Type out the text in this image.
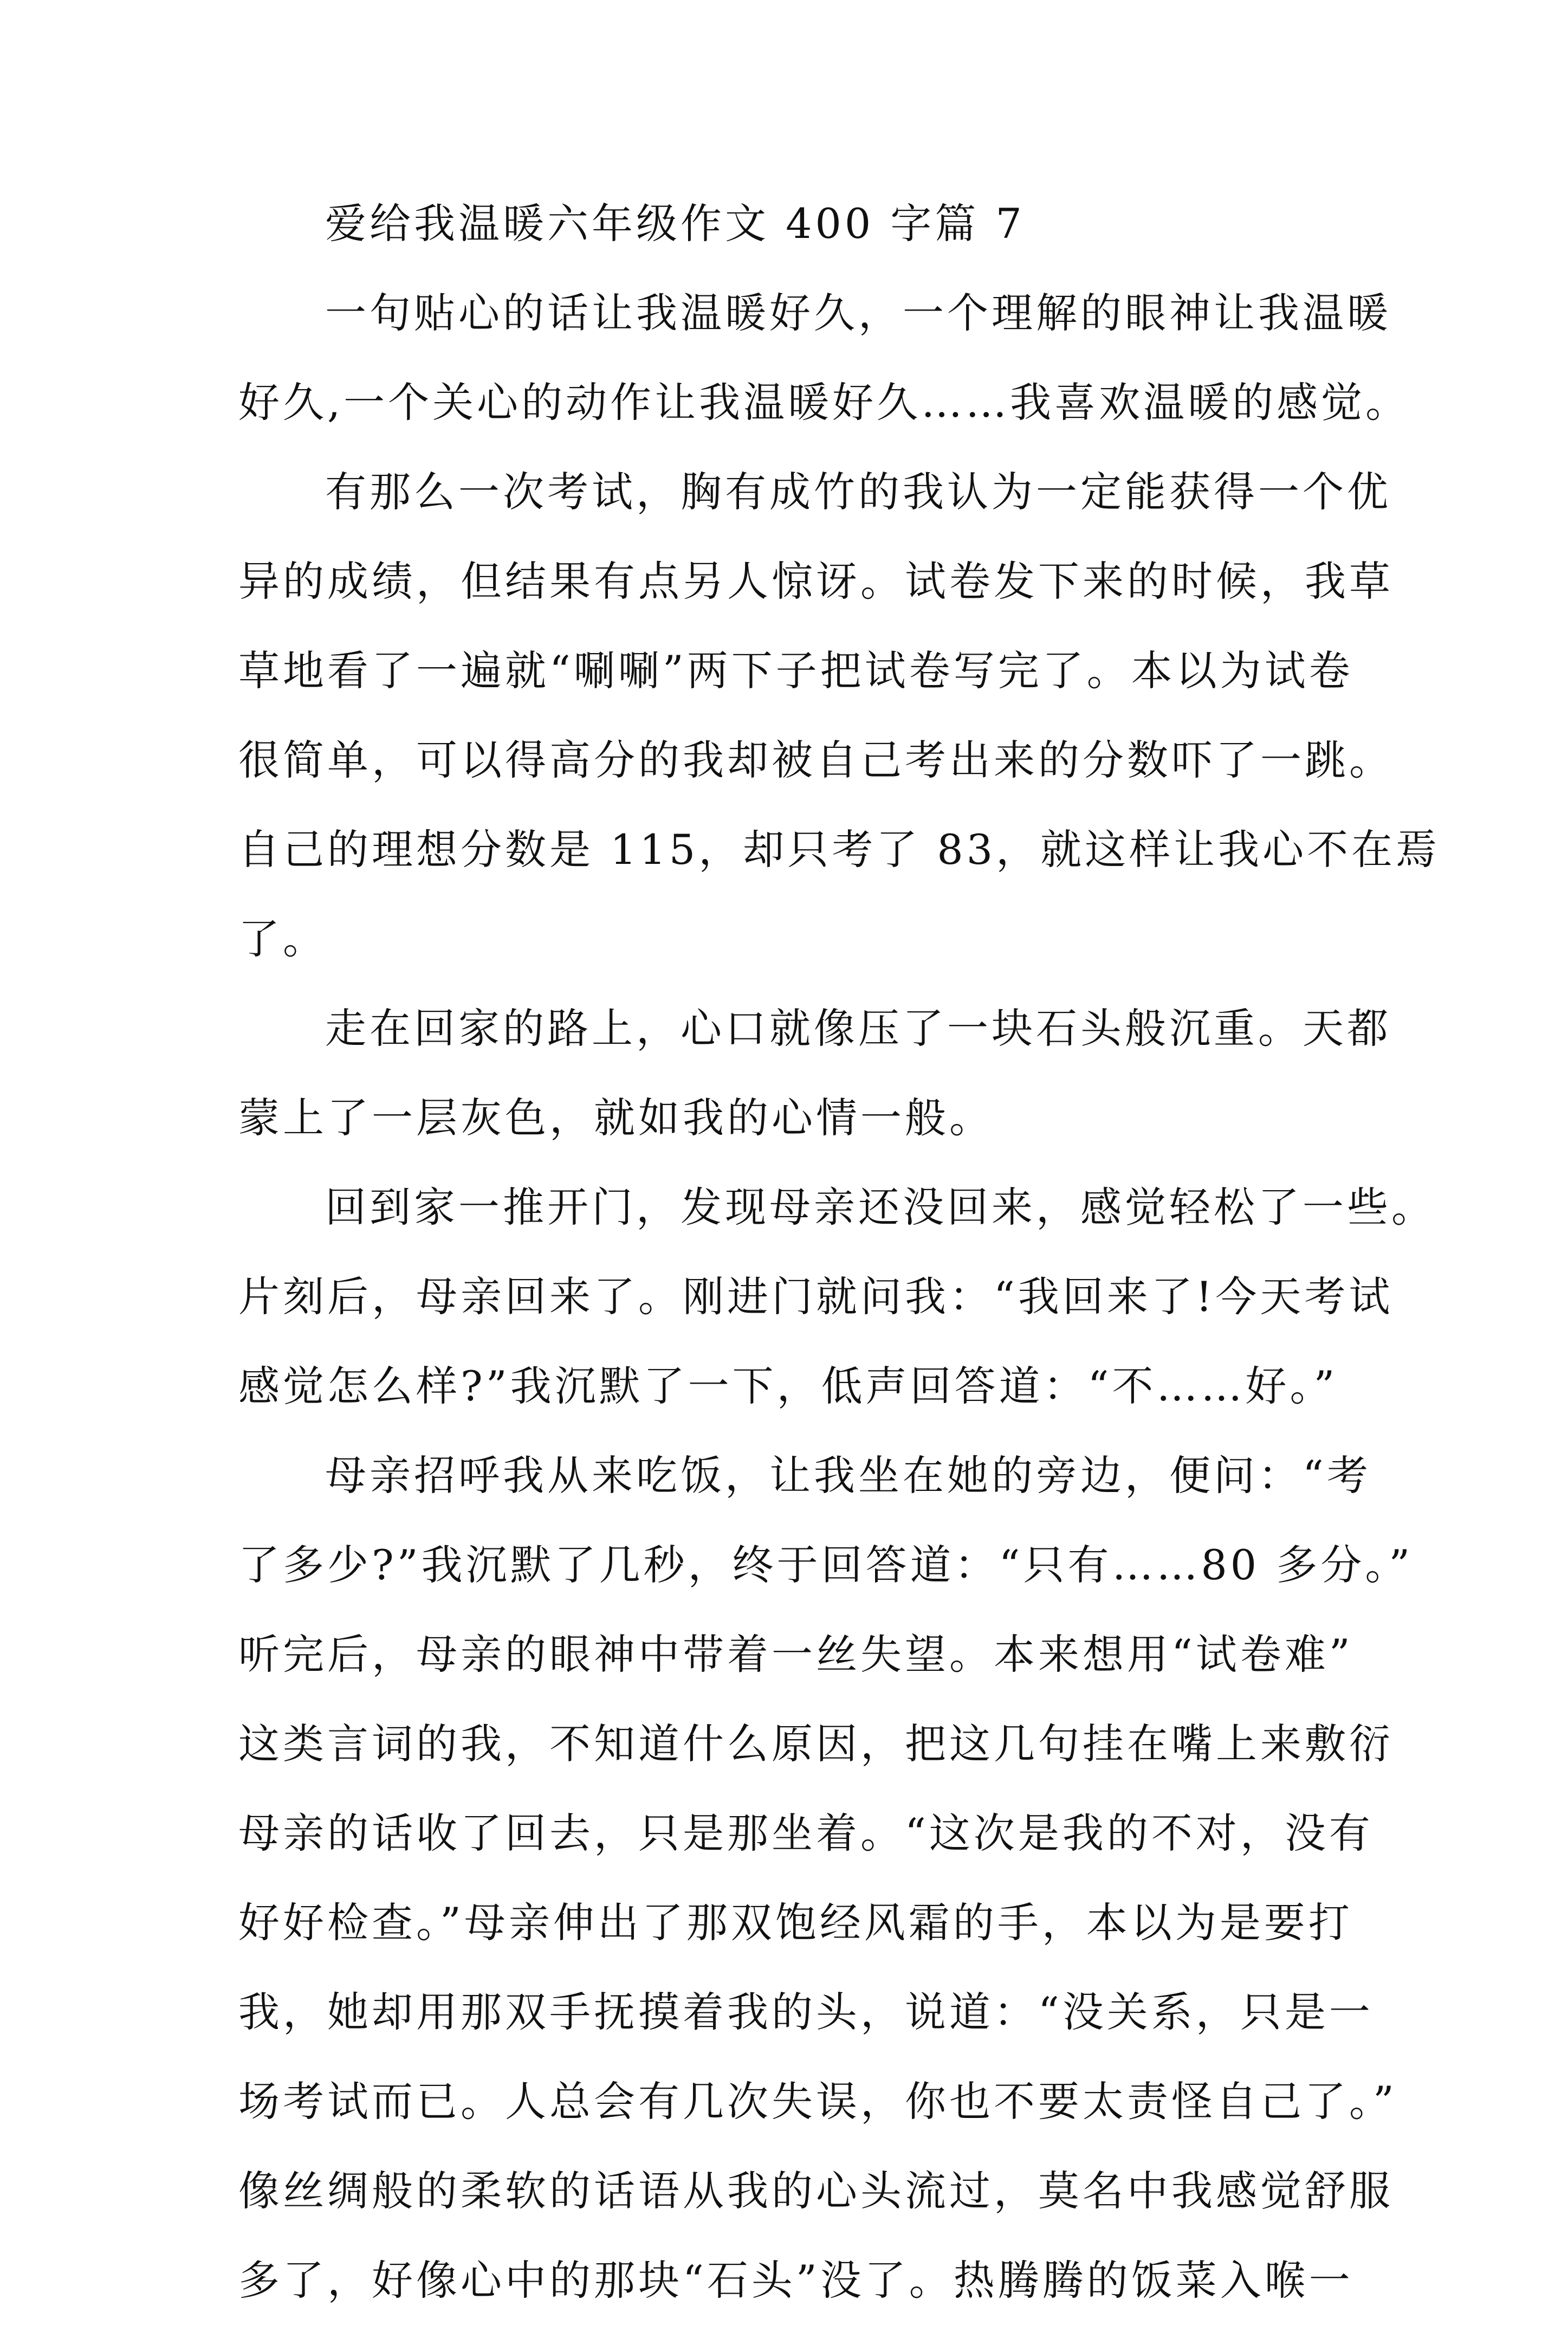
爱给我温暖六年级作文 400 字篇 7
一句贴心的话让我温暖好久，一个理解的眼神让我温暖
好久,一个关心的动作让我温暖好久……我喜欢温暖的感觉。
有那么一次考试，胸有成竹的我认为一定能获得一个优
异的成绩，但结果有点另人惊讶。试卷发下来的时候，我草
草地看了一遍就“唰唰”两下子把试卷写完了。本以为试卷
很简单，可以得高分的我却被自己考出来的分数吓了一跳。
自己的理想分数是 115，却只考了 83，就这样让我心不在焉
了。
走在回家的路上，心口就像压了一块石头般沉重。天都
蒙上了一层灰色，就如我的心情一般。
回到家一推开门，发现母亲还没回来，感觉轻松了一些。
片刻后，母亲回来了。刚进门就问我：“我回来了!今天考试
感觉怎么样?”我沉默了一下，低声回答道：“不……好。”
母亲招呼我从来吃饭，让我坐在她的旁边，便问：“考
了多少?”我沉默了几秒，终于回答道：“只有……80 多分。”
听完后，母亲的眼神中带着一丝失望。本来想用“试卷难”
这类言词的我，不知道什么原因，把这几句挂在嘴上来敷衍
母亲的话收了回去，只是那坐着。“这次是我的不对，没有
好好检查。”母亲伸出了那双饱经风霜的手，本以为是要打
我，她却用那双手抚摸着我的头，说道：“没关系，只是一
场考试而已。人总会有几次失误，你也不要太责怪自己了。”
像丝绸般的柔软的话语从我的心头流过，莫名中我感觉舒服
多了，好像心中的那块“石头”没了。热腾腾的饭菜入喉一
